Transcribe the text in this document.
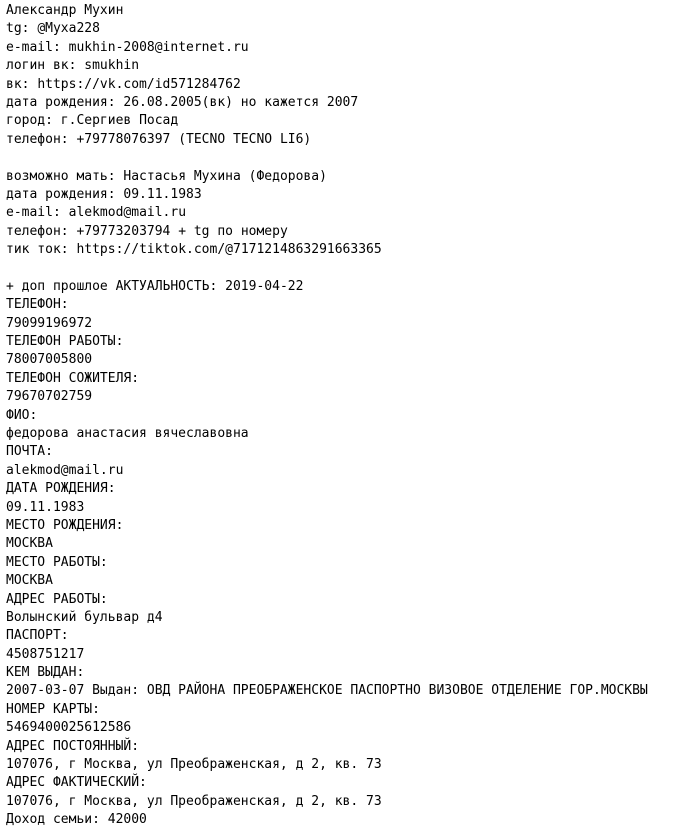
Александр Мухин
tg: @Муха228
e-mail: mukhin-2008@internet.ru
логин вк: smukhin
вк: https://vk.com/id571284762
дата рождения: 26.08.2005(вк) но кажется 2007
город: г.Сергиев Посад
телефон: +79778076397 (TECNO TECNO LI6)
возможно мать: Настасья Мухина (Федорова)
дата рождения: 09.11.1983
e-mail: alekmod@mail.ru
телефон: +79773203794 + tg по номеру
тик ток: https://tiktok.com/@7171214863291663365
+ доп прошлое АКТУАЛЬНОСТЬ: 2019-04-22
ТЕЛЕФОН:
79099196972
ТЕЛЕФОН РАБОТЫ:
78007005800
ТЕЛЕФОН СОЖИТЕЛЯ:
79670702759
ФИО:
федорова анастасия вячеславовна
ПОЧТА:
alekmod@mail.ru
ДАТА РОЖДЕНИЯ:
09.11.1983
МЕСТО РОЖДЕНИЯ:
МОСКВА
МЕСТО РАБОТЫ:
МОСКВА
АДРЕС РАБОТЫ:
Волынский бульвар д4
ПАСПОРТ:
4508751217
КЕМ ВЫДАН:
2007-03-07 Выдан: ОВД РАЙОНА ПРЕОБРАЖЕНСКОЕ ПАСПОРТНО ВИЗОВОЕ ОТДЕЛЕНИЕ ГОР.МОСКВЫ
НОМЕР КАРТЫ:
5469400025612586
АДРЕС ПОСТОЯННЫЙ:
107076, г Москва, ул Преображенская, д 2, кв. 73
АДРЕС ФАКТИЧЕСКИЙ:
107076, г Москва, ул Преображенская, д 2, кв. 73
Доход семьи: 42000
